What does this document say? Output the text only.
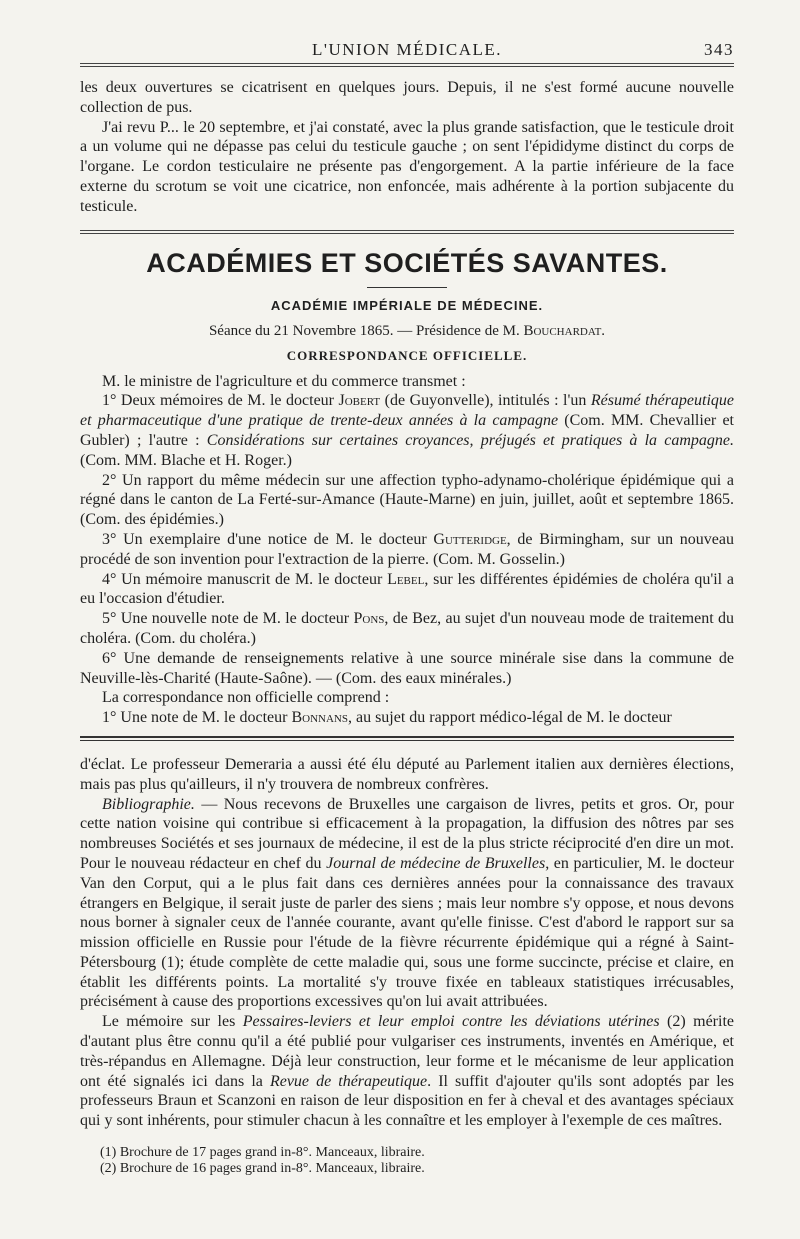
L'UNION MÉDICALE.	343

les deux ouvertures se cicatrisent en quelques jours. Depuis, il ne s'est formé aucune nouvelle collection de pus.

J'ai revu P... le 20 septembre, et j'ai constaté, avec la plus grande satisfaction, que le testicule droit a un volume qui ne dépasse pas celui du testicule gauche ; on sent l'épididyme distinct du corps de l'organe. Le cordon testiculaire ne présente pas d'engorgement. A la partie inférieure de la face externe du scrotum se voit une cicatrice, non enfoncée, mais adhérente à la portion subjacente du testicule.

ACADÉMIES ET SOCIÉTÉS SAVANTES.
ACADÉMIE IMPÉRIALE DE MÉDECINE.
Séance du 21 Novembre 1865. — Présidence de M. Bouchardat.
CORRESPONDANCE OFFICIELLE.

M. le ministre de l'agriculture et du commerce transmet :

1° Deux mémoires de M. le docteur Jobert (de Guyonvelle), intitulés : l'un Résumé thérapeutique et pharmaceutique d'une pratique de trente-deux années à la campagne (Com. MM. Chevallier et Gubler) ; l'autre : Considérations sur certaines croyances, préjugés et pratiques à la campagne. (Com. MM. Blache et H. Roger.)

2° Un rapport du même médecin sur une affection typho-adynamo-cholérique épidémique qui a régné dans le canton de La Ferté-sur-Amance (Haute-Marne) en juin, juillet, août et septembre 1865. (Com. des épidémies.)

3° Un exemplaire d'une notice de M. le docteur Gutteridge, de Birmingham, sur un nouveau procédé de son invention pour l'extraction de la pierre. (Com. M. Gosselin.)

4° Un mémoire manuscrit de M. le docteur Lebel, sur les différentes épidémies de choléra qu'il a eu l'occasion d'étudier.

5° Une nouvelle note de M. le docteur Pons, de Bez, au sujet d'un nouveau mode de traitement du choléra. (Com. du choléra.)

6° Une demande de renseignements relative à une source minérale sise dans la commune de Neuville-lès-Charité (Haute-Saône). — (Com. des eaux minérales.)

La correspondance non officielle comprend :

1° Une note de M. le docteur Bonnans, au sujet du rapport médico-légal de M. le docteur

d'éclat. Le professeur Demeraria a aussi été élu député au Parlement italien aux dernières élections, mais pas plus qu'ailleurs, il n'y trouvera de nombreux confrères.

Bibliographie. — Nous recevons de Bruxelles une cargaison de livres, petits et gros. Or, pour cette nation voisine qui contribue si efficacement à la propagation, la diffusion des nôtres par ses nombreuses Sociétés et ses journaux de médecine, il est de la plus stricte réciprocité d'en dire un mot. Pour le nouveau rédacteur en chef du Journal de médecine de Bruxelles, en particulier, M. le docteur Van den Corput, qui a le plus fait dans ces dernières années pour la connaissance des travaux étrangers en Belgique, il serait juste de parler des siens ; mais leur nombre s'y oppose, et nous devons nous borner à signaler ceux de l'année courante, avant qu'elle finisse. C'est d'abord le rapport sur sa mission officielle en Russie pour l'étude de la fièvre récurrente épidémique qui a régné à Saint-Pétersbourg (1); étude complète de cette maladie qui, sous une forme succincte, précise et claire, en établit les différents points. La mortalité s'y trouve fixée en tableaux statistiques irrécusables, précisément à cause des proportions excessives qu'on lui avait attribuées.

Le mémoire sur les Pessaires-leviers et leur emploi contre les déviations utérines (2) mérite d'autant plus être connu qu'il a été publié pour vulgariser ces instruments, inventés en Amérique, et très-répandus en Allemagne. Déjà leur construction, leur forme et le mécanisme de leur application ont été signalés ici dans la Revue de thérapeutique. Il suffit d'ajouter qu'ils sont adoptés par les professeurs Braun et Scanzoni en raison de leur disposition en fer à cheval et des avantages spéciaux qui y sont inhérents, pour stimuler chacun à les connaître et les employer à l'exemple de ces maîtres.

(1) Brochure de 17 pages grand in-8°. Manceaux, libraire.
(2) Brochure de 16 pages grand in-8°. Manceaux, libraire.
